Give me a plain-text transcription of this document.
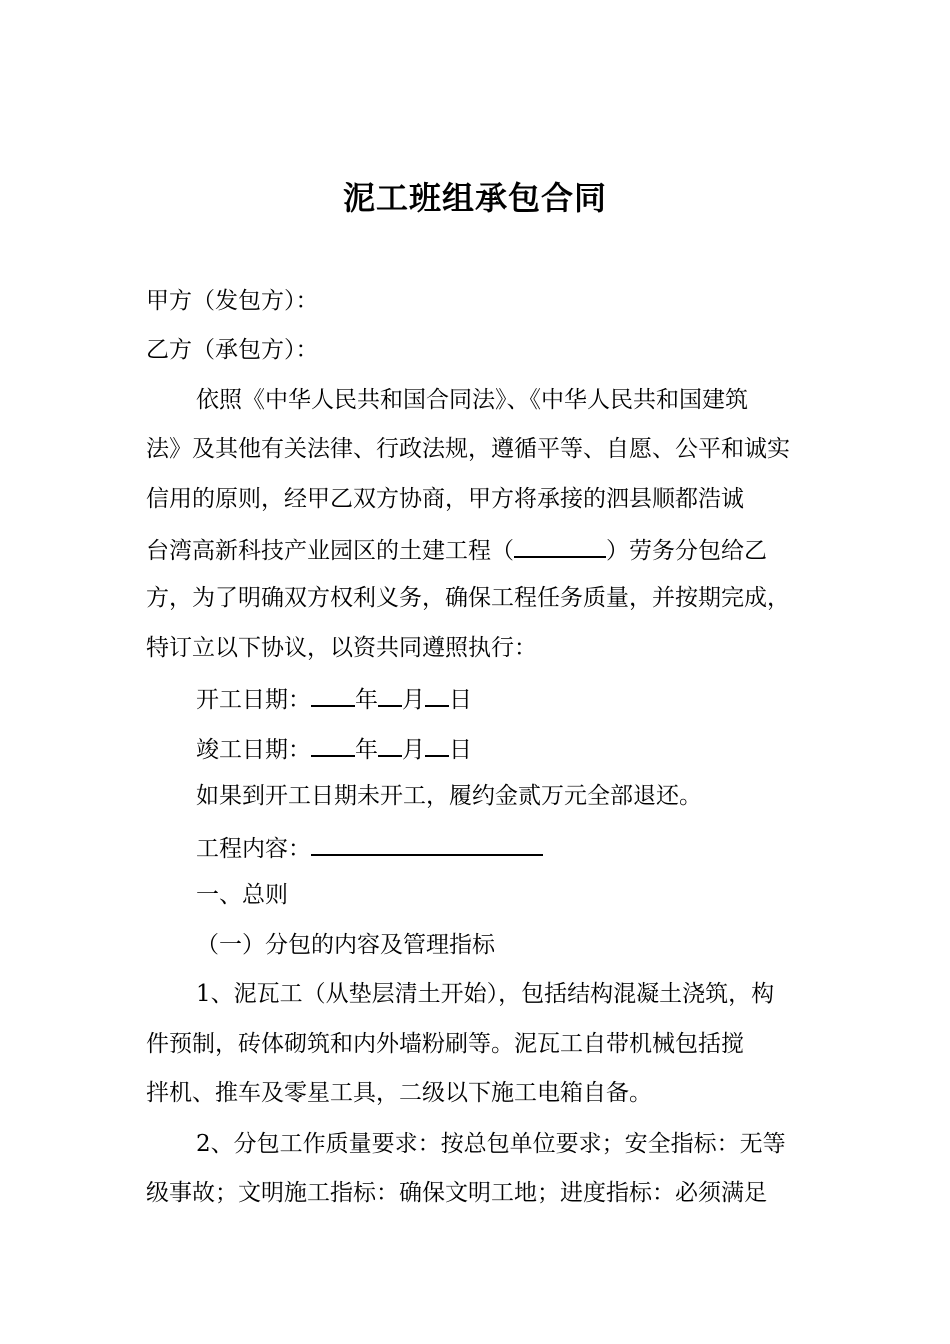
泥工班组承包合同
甲方（发包方）：
乙方（承包方）：
依照《中华人民共和国合同法》、《中华人民共和国建筑
法》及其他有关法律、行政法规，遵循平等、自愿、公平和诚实
信用的原则，经甲乙双方协商，甲方将承接的泗县顺都浩诚
台湾高新科技产业园区的土建工程（	）劳务分包给乙
方，为了明确双方权利义务，确保工程任务质量，并按期完成，
特订立以下协议，以资共同遵照执行：
开工日期： 年 月 日
竣工日期： 年 月 日
如果到开工日期未开工，履约金贰万元全部退还。
工程内容：
一、总则
（一）分包的内容及管理指标
1、泥瓦工（从垫层清土开始），包括结构混凝土浇筑，构
件预制，砖体砌筑和内外墙粉刷等。泥瓦工自带机械包括搅
拌机、推车及零星工具，二级以下施工电箱自备。
2、分包工作质量要求：按总包单位要求；安全指标：无等
级事故；文明施工指标：确保文明工地；进度指标：必须满足
